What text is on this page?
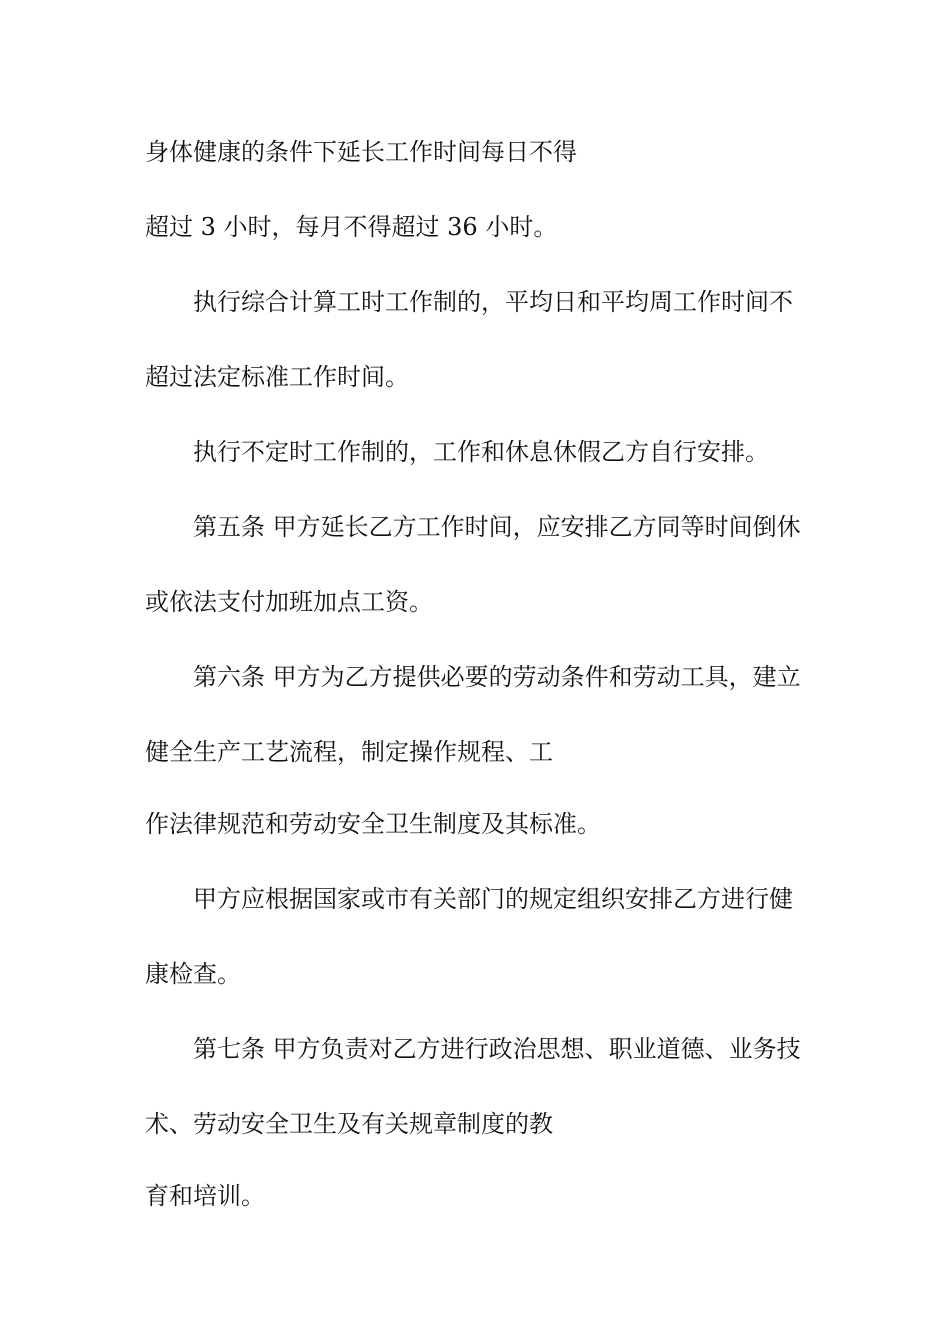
身体健康的条件下延长工作时间每日不得
超过 3 小时，每月不得超过 36 小时。
执行综合计算工时工作制的，平均日和平均周工作时间不
超过法定标准工作时间。
执行不定时工作制的，工作和休息休假乙方自行安排。
第五条 甲方延长乙方工作时间，应安排乙方同等时间倒休
或依法支付加班加点工资。
第六条 甲方为乙方提供必要的劳动条件和劳动工具，建立
健全生产工艺流程，制定操作规程、工
作法律规范和劳动安全卫生制度及其标准。
甲方应根据国家或市有关部门的规定组织安排乙方进行健
康检查。
第七条 甲方负责对乙方进行政治思想、职业道德、业务技
术、劳动安全卫生及有关规章制度的教
育和培训。
